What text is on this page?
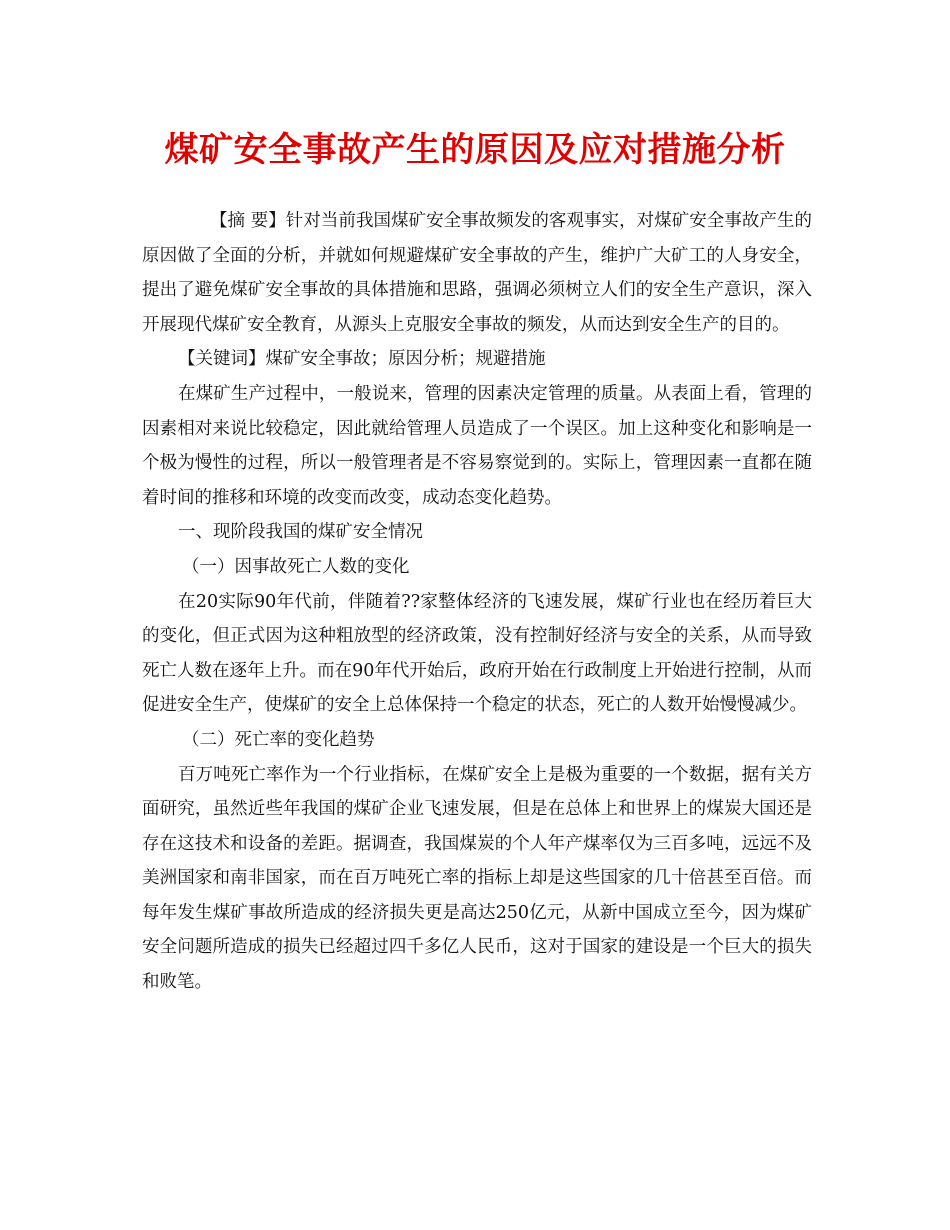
煤矿安全事故产生的原因及应对措施分析

【摘 要】针对当前我国煤矿安全事故频发的客观事实，对煤矿安全事故产生的原因做了全面的分析，并就如何规避煤矿安全事故的产生，维护广大矿工的人身安全，提出了避免煤矿安全事故的具体措施和思路，强调必须树立人们的安全生产意识，深入开展现代煤矿安全教育，从源头上克服安全事故的频发，从而达到安全生产的目的。

【关键词】煤矿安全事故；原因分析；规避措施

在煤矿生产过程中，一般说来，管理的因素决定管理的质量。从表面上看，管理的因素相对来说比较稳定，因此就给管理人员造成了一个误区。加上这种变化和影响是一个极为慢性的过程，所以一般管理者是不容易察觉到的。实际上，管理因素一直都在随着时间的推移和环境的改变而改变，成动态变化趋势。

一、现阶段我国的煤矿安全情况

（一）因事故死亡人数的变化

在20实际90年代前，伴随着??家整体经济的飞速发展，煤矿行业也在经历着巨大的变化，但正式因为这种粗放型的经济政策，没有控制好经济与安全的关系，从而导致死亡人数在逐年上升。而在90年代开始后，政府开始在行政制度上开始进行控制，从而促进安全生产，使煤矿的安全上总体保持一个稳定的状态，死亡的人数开始慢慢减少。

（二）死亡率的变化趋势

百万吨死亡率作为一个行业指标，在煤矿安全上是极为重要的一个数据，据有关方面研究，虽然近些年我国的煤矿企业飞速发展，但是在总体上和世界上的煤炭大国还是存在这技术和设备的差距。据调查，我国煤炭的个人年产煤率仅为三百多吨，远远不及美洲国家和南非国家，而在百万吨死亡率的指标上却是这些国家的几十倍甚至百倍。而每年发生煤矿事故所造成的经济损失更是高达250亿元，从新中国成立至今，因为煤矿安全问题所造成的损失已经超过四千多亿人民币，这对于国家的建设是一个巨大的损失和败笔。
